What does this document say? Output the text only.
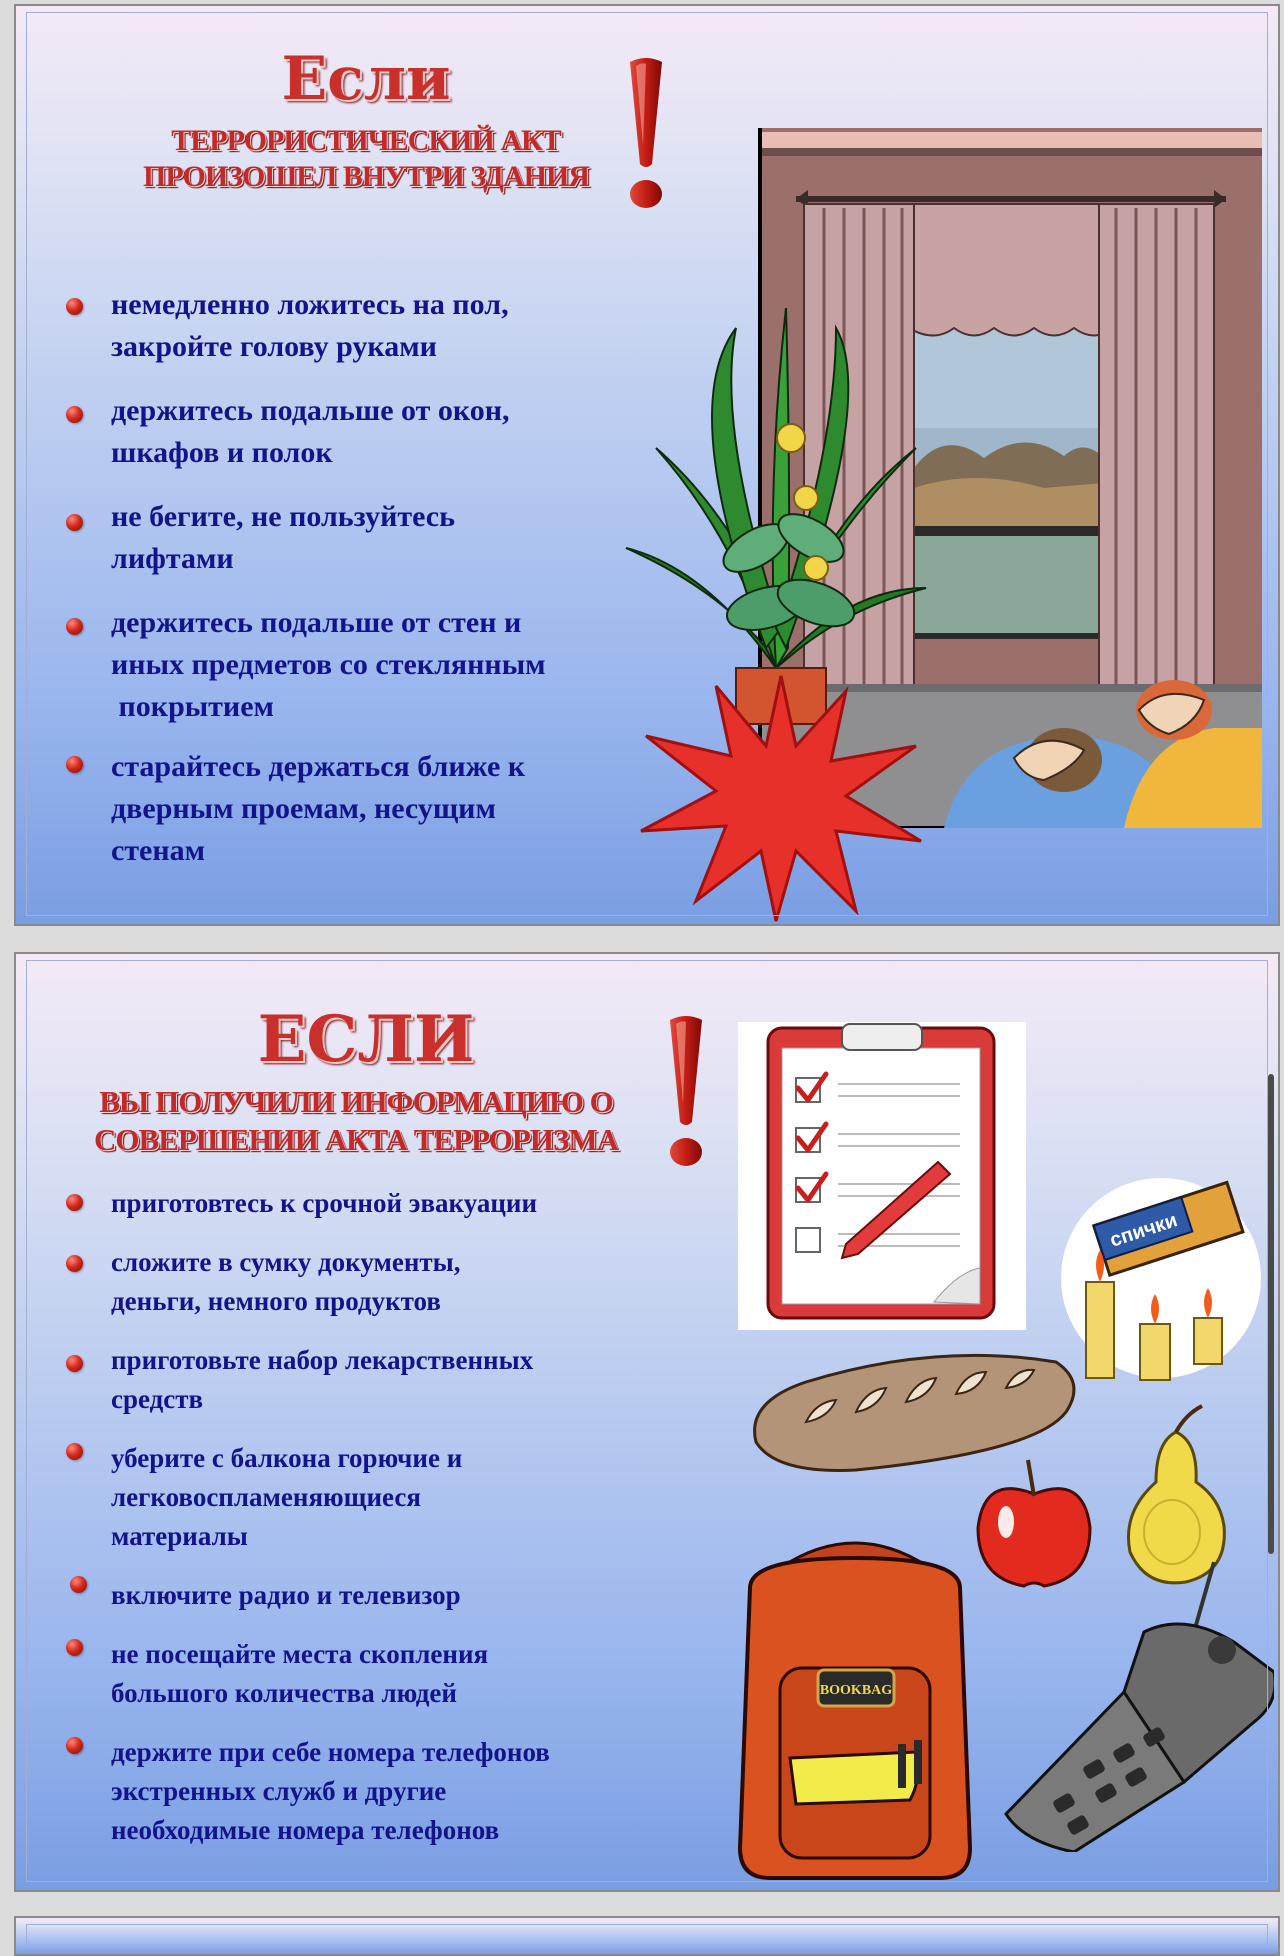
Если
ТЕРРОРИСТИЧЕСКИЙ АКТ
ПРОИЗОШЕЛ ВНУТРИ ЗДАНИЯ
немедленно ложитесь на пол,
закройте голову руками
держитесь подальше от окон,
шкафов и полок
не бегите, не пользуйтесь
лифтами
держитесь подальше от стен и
иных предметов со стеклянным
покрытием
старайтесь держаться ближе к
дверным проемам, несущим
стенам
ЕСЛИ
ВЫ ПОЛУЧИЛИ ИНФОРМАЦИЮ О
СОВЕРШЕНИИ АКТА ТЕРРОРИЗМА
приготовтесь к срочной эвакуации
сложите в сумку документы,
деньги, немного продуктов
приготовьте набор лекарственных
средств
уберите с балкона горючие и
легковоспламеняющиеся
материалы
включите радио и телевизор
не посещайте места скопления
большого количества людей
держите при себе номера телефонов
экстренных служб и другие
необходимые номера телефонов
спички
BOOKBAG
